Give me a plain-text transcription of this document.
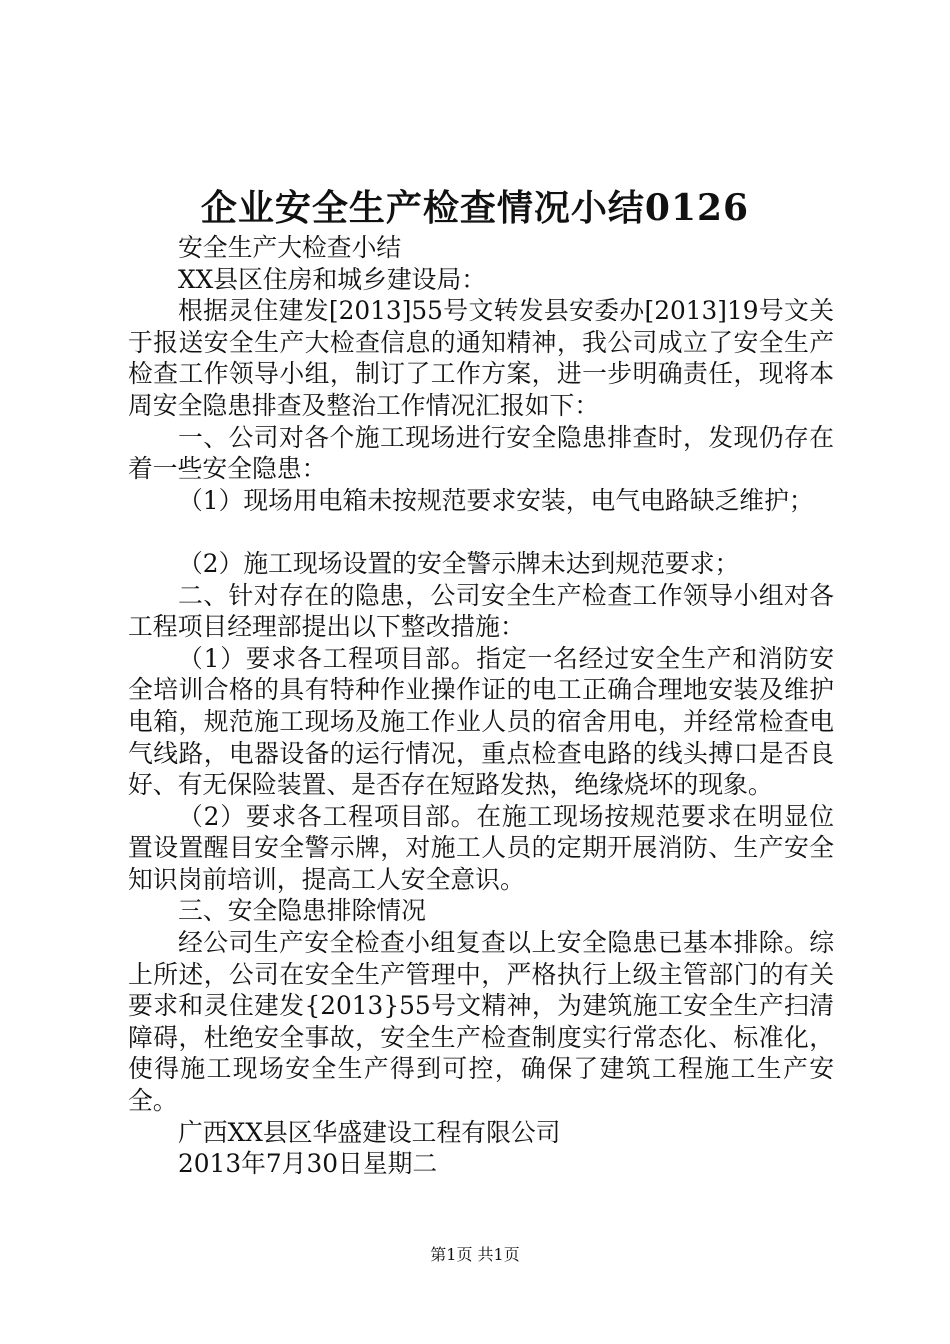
企业安全生产检查情况小结0126

安全生产大检查小结

XX县区住房和城乡建设局：

根据灵住建发[2013]55号文转发县安委办[2013]19号文关于报送安全生产大检查信息的通知精神，我公司成立了安全生产检查工作领导小组，制订了工作方案，进一步明确责任，现将本周安全隐患排查及整治工作情况汇报如下：

一、公司对各个施工现场进行安全隐患排查时，发现仍存在着一些安全隐患：

（1）现场用电箱未按规范要求安装，电气电路缺乏维护；

（2）施工现场设置的安全警示牌未达到规范要求；

二、针对存在的隐患，公司安全生产检查工作领导小组对各工程项目经理部提出以下整改措施：

（1）要求各工程项目部。指定一名经过安全生产和消防安全培训合格的具有特种作业操作证的电工正确合理地安装及维护电箱，规范施工现场及施工作业人员的宿舍用电，并经常检查电气线路，电器设备的运行情况，重点检查电路的线头搏口是否良好、有无保险装置、是否存在短路发热，绝缘烧坏的现象。

（2）要求各工程项目部。在施工现场按规范要求在明显位置设置醒目安全警示牌，对施工人员的定期开展消防、生产安全知识岗前培训，提高工人安全意识。

三、安全隐患排除情况

经公司生产安全检查小组复查以上安全隐患已基本排除。综上所述，公司在安全生产管理中，严格执行上级主管部门的有关要求和灵住建发{2013}55号文精神，为建筑施工安全生产扫清障碍，杜绝安全事故，安全生产检查制度实行常态化、标准化，使得施工现场安全生产得到可控，确保了建筑工程施工生产安全。

广西XX县区华盛建设工程有限公司

2013年7月30日星期二

第1页 共1页
